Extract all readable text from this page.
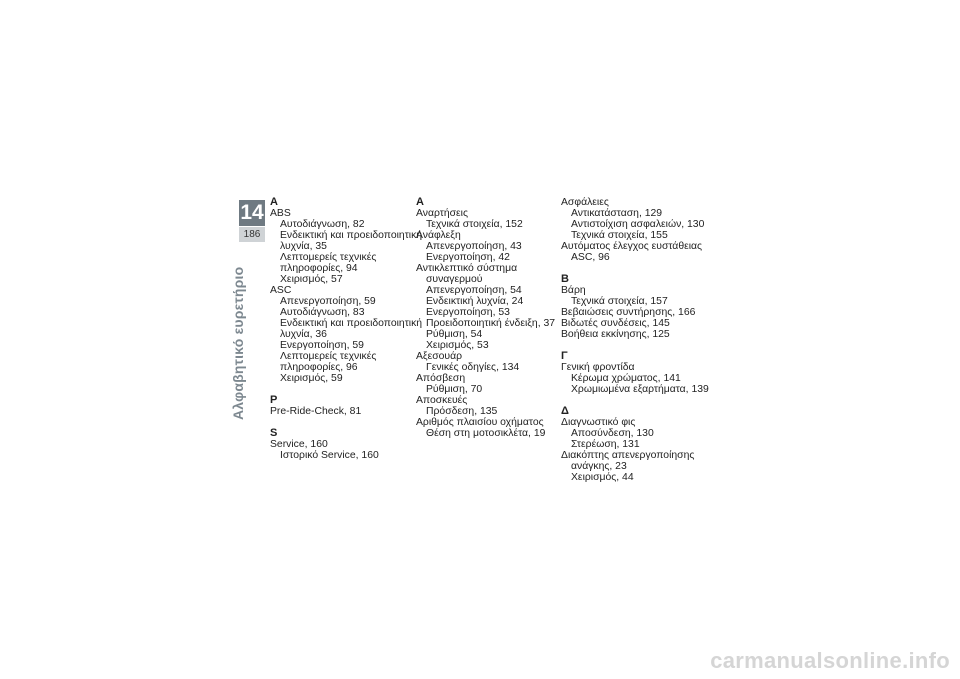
14
186
Αλφαβητικό ευρετήριο
A
ABS
Αυτοδιάγνωση, 82
Ενδεικτική και προειδοποιητική
λυχνία, 35
Λεπτομερείς τεχνικές
πληροφορίες, 94
Χειρισμός, 57
ASC
Απενεργοποίηση, 59
Αυτοδιάγνωση, 83
Ενδεικτική και προειδοποιητική
λυχνία, 36
Ενεργοποίηση, 59
Λεπτομερείς τεχνικές
πληροφορίες, 96
Χειρισμός, 59
P
Pre-Ride-Check, 81
S
Service, 160
Ιστορικό Service, 160
Α
Αναρτήσεις
Τεχνικά στοιχεία, 152
Ανάφλεξη
Απενεργοποίηση, 43
Ενεργοποίηση, 42
Αντικλεπτικό σύστημα
συναγερμού
Απενεργοποίηση, 54
Ενδεικτική λυχνία, 24
Ενεργοποίηση, 53
Προειδοποιητική ένδειξη, 37
Ρύθμιση, 54
Χειρισμός, 53
Αξεσουάρ
Γενικές οδηγίες, 134
Απόσβεση
Ρύθμιση, 70
Αποσκευές
Πρόσδεση, 135
Αριθμός πλαισίου οχήματος
Θέση στη μοτοσικλέτα, 19
Ασφάλειες
Αντικατάσταση, 129
Αντιστοίχιση ασφαλειών, 130
Τεχνικά στοιχεία, 155
Αυτόματος έλεγχος ευστάθειας
ASC, 96
Β
Βάρη
Τεχνικά στοιχεία, 157
Βεβαιώσεις συντήρησης, 166
Βιδωτές συνδέσεις, 145
Βοήθεια εκκίνησης, 125
Γ
Γενική φροντίδα
Κέρωμα χρώματος, 141
Χρωμιωμένα εξαρτήματα, 139
Δ
Διαγνωστικό φις
Αποσύνδεση, 130
Στερέωση, 131
Διακόπτης απενεργοποίησης
ανάγκης, 23
Χειρισμός, 44
carmanualsonline.info
